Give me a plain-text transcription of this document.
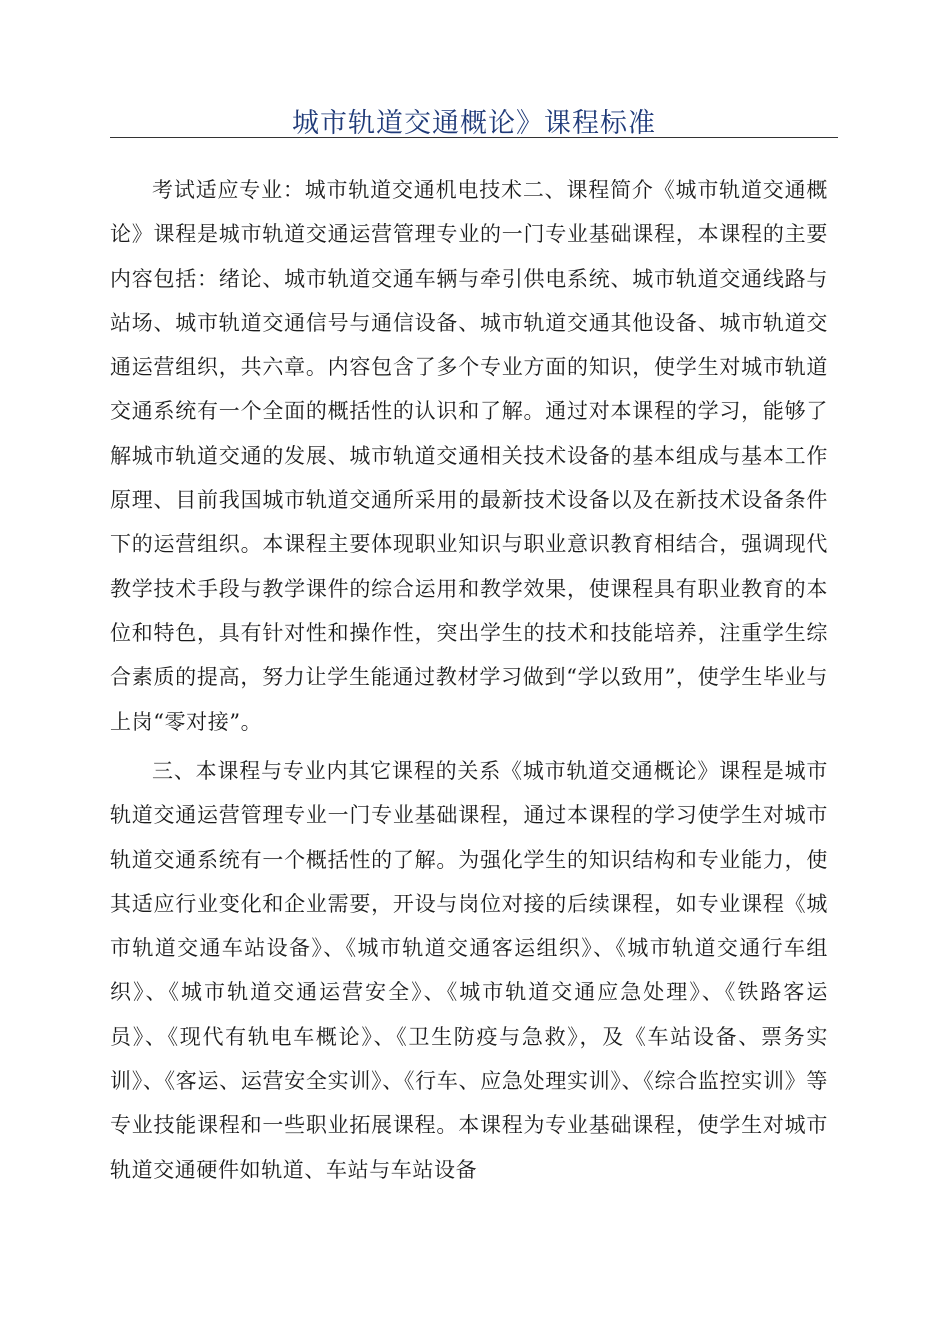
城市轨道交通概论》课程标准

考试适应专业：城市轨道交通机电技术二、课程简介《城市轨道交通概论》课程是城市轨道交通运营管理专业的一门专业基础课程，本课程的主要内容包括：绪论、城市轨道交通车辆与牵引供电系统、城市轨道交通线路与站场、城市轨道交通信号与通信设备、城市轨道交通其他设备、城市轨道交通运营组织，共六章。内容包含了多个专业方面的知识，使学生对城市轨道交通系统有一个全面的概括性的认识和了解。通过对本课程的学习，能够了解城市轨道交通的发展、城市轨道交通相关技术设备的基本组成与基本工作原理、目前我国城市轨道交通所采用的最新技术设备以及在新技术设备条件下的运营组织。本课程主要体现职业知识与职业意识教育相结合，强调现代教学技术手段与教学课件的综合运用和教学效果，使课程具有职业教育的本位和特色，具有针对性和操作性，突出学生的技术和技能培养，注重学生综合素质的提高，努力让学生能通过教材学习做到“学以致用”，使学生毕业与上岗“零对接”。

三、本课程与专业内其它课程的关系《城市轨道交通概论》课程是城市轨道交通运营管理专业一门专业基础课程，通过本课程的学习使学生对城市轨道交通系统有一个概括性的了解。为强化学生的知识结构和专业能力，使其适应行业变化和企业需要，开设与岗位对接的后续课程，如专业课程《城市轨道交通车站设备》、《城市轨道交通客运组织》、《城市轨道交通行车组织》、《城市轨道交通运营安全》、《城市轨道交通应急处理》、《铁路客运员》、《现代有轨电车概论》、《卫生防疫与急救》，及《车站设备、票务实训》、《客运、运营安全实训》、《行车、应急处理实训》、《综合监控实训》等专业技能课程和一些职业拓展课程。本课程为专业基础课程，使学生对城市轨道交通硬件如轨道、车站与车站设备
